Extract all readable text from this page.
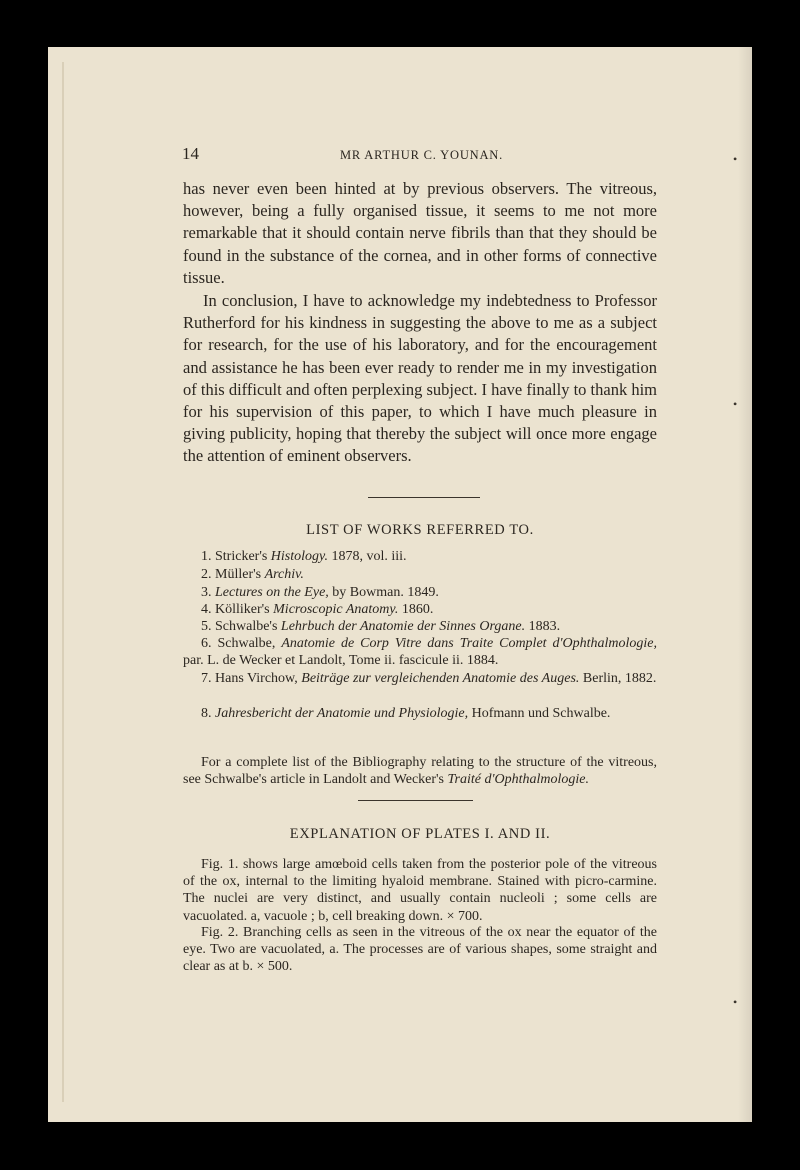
14	MR ARTHUR C. YOUNAN.

has never even been hinted at by previous observers. The vitreous, however, being a fully organised tissue, it seems to me not more remarkable that it should contain nerve fibrils than that they should be found in the substance of the cornea, and in other forms of connective tissue.

In conclusion, I have to acknowledge my indebtedness to Professor Rutherford for his kindness in suggesting the above to me as a subject for research, for the use of his laboratory, and for the encouragement and assistance he has been ever ready to render me in my investigation of this difficult and often perplexing subject. I have finally to thank him for his supervision of this paper, to which I have much pleasure in giving publicity, hoping that thereby the subject will once more engage the attention of eminent observers.

LIST OF WORKS REFERRED TO.

1. Stricker's Histology. 1878, vol. iii.

2. Müller's Archiv.

3. Lectures on the Eye, by Bowman. 1849.

4. Kölliker's Microscopic Anatomy. 1860.

5. Schwalbe's Lehrbuch der Anatomie der Sinnes Organe. 1883.

6. Schwalbe, Anatomie de Corp Vitre dans Traite Complet d'Ophthalmologie, par. L. de Wecker et Landolt, Tome ii. fascicule ii. 1884.

7. Hans Virchow, Beiträge zur vergleichenden Anatomie des Auges. Berlin, 1882.

8. Jahresbericht der Anatomie und Physiologie, Hofmann und Schwalbe.

For a complete list of the Bibliography relating to the structure of the vitreous, see Schwalbe's article in Landolt and Wecker's Traité d'Ophthalmologie.

EXPLANATION OF PLATES I. AND II.

Fig. 1. shows large amœboid cells taken from the posterior pole of the vitreous of the ox, internal to the limiting hyaloid membrane. Stained with picro-carmine. The nuclei are very distinct, and usually contain nucleoli ; some cells are vacuolated. a, vacuole ; b, cell breaking down. × 700.

Fig. 2. Branching cells as seen in the vitreous of the ox near the equator of the eye. Two are vacuolated, a. The processes are of various shapes, some straight and clear as at b. × 500.

•
•
•
